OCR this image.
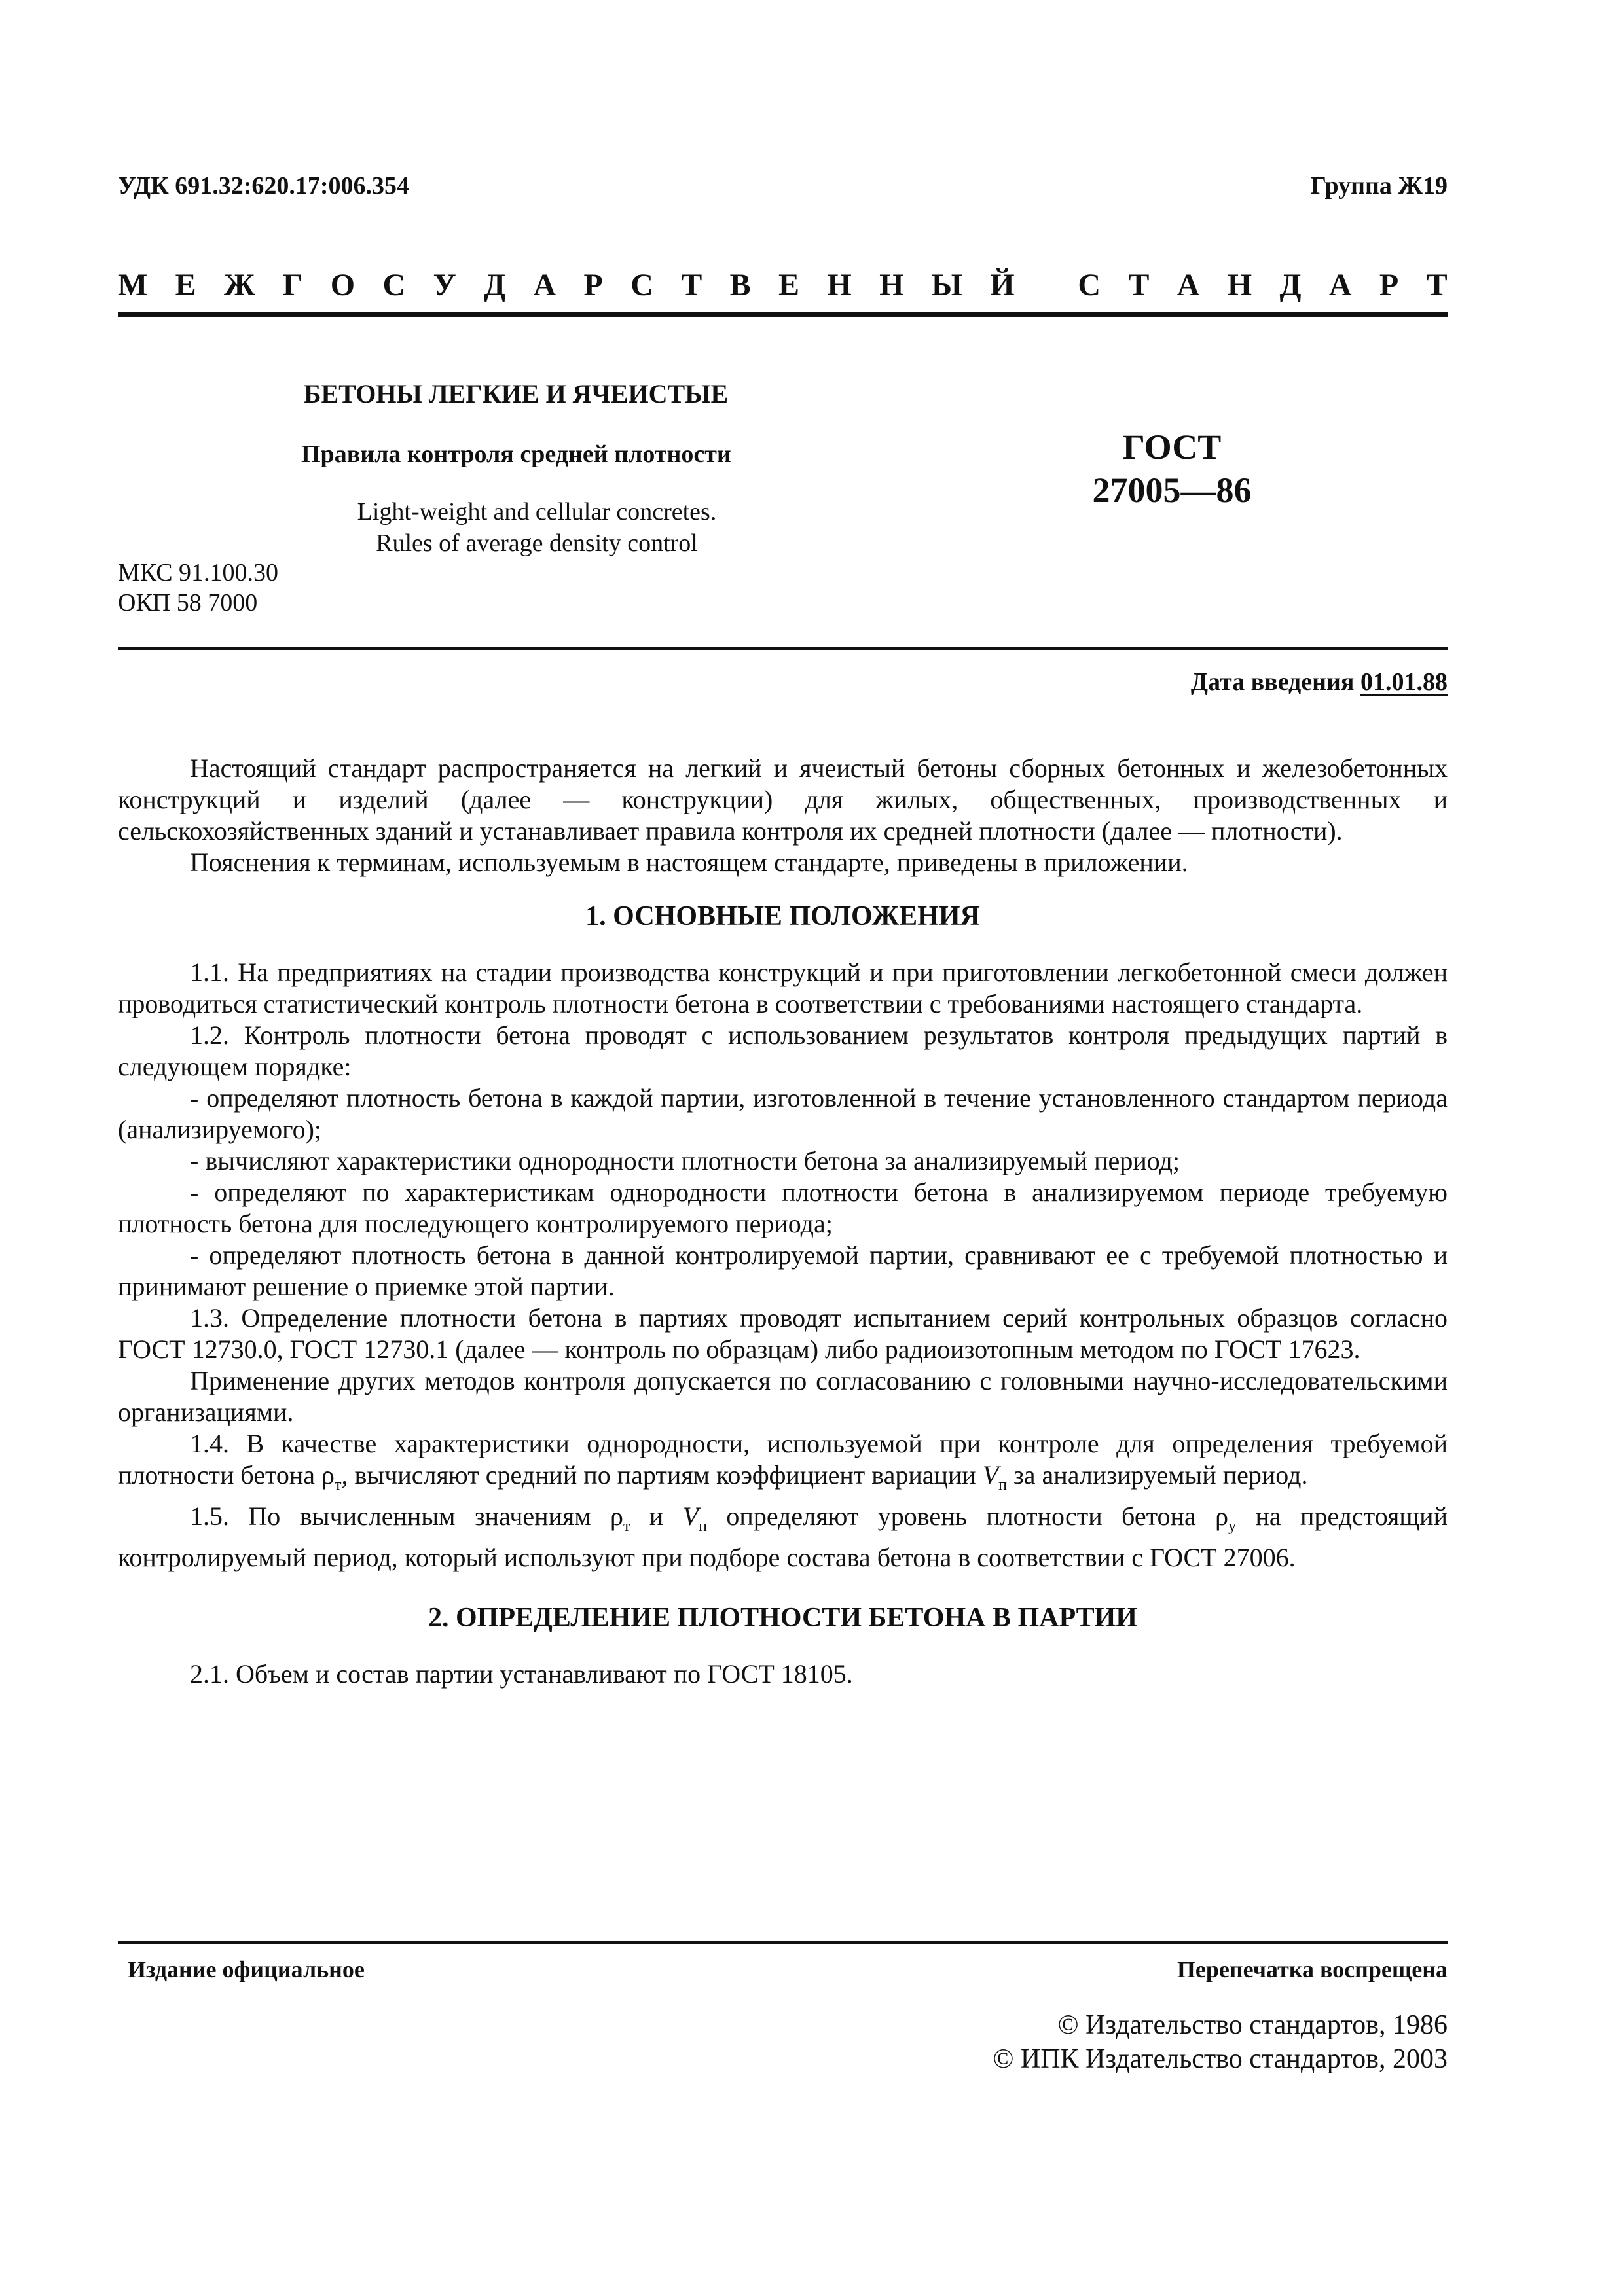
УДК 691.32:620.17:006.354	Группа Ж19
М Е Ж Г О С У Д А Р С Т В Е Н Н Ы Й
С Т А Н Д А Р Т
БЕТОНЫ ЛЕГКИЕ И ЯЧЕИСТЫЕ
Правила контроля средней плотности
Light-weight and cellular concretes.
Rules of average density control
ГОСТ
27005—86
МКС 91.100.30
ОКП 58 7000
Дата введения 01.01.88

Настоящий стандарт распространяется на легкий и ячеистый бетоны сборных бетонных и железобетонных конструкций и изделий (далее — конструкции) для жилых, общественных, производственных и сельскохозяйственных зданий и устанавливает правила контроля их средней плотности (далее — плотности).

Пояснения к терминам, используемым в настоящем стандарте, приведены в приложении.

1. ОСНОВНЫЕ ПОЛОЖЕНИЯ

1.1. На предприятиях на стадии производства конструкций и при приготовлении легкобетонной смеси должен проводиться статистический контроль плотности бетона в соответствии с требованиями настоящего стандарта.

1.2. Контроль плотности бетона проводят с использованием результатов контроля предыдущих партий в следующем порядке:

- определяют плотность бетона в каждой партии, изготовленной в течение установленного стандартом периода (анализируемого);

- вычисляют характеристики однородности плотности бетона за анализируемый период;

- определяют по характеристикам однородности плотности бетона в анализируемом периоде требуемую плотность бетона для последующего контролируемого периода;

- определяют плотность бетона в данной контролируемой партии, сравнивают ее с требуемой плотностью и принимают решение о приемке этой партии.

1.3. Определение плотности бетона в партиях проводят испытанием серий контрольных образцов согласно ГОСТ 12730.0, ГОСТ 12730.1 (далее — контроль по образцам) либо радиоизотопным методом по ГОСТ 17623.

Применение других методов контроля допускается по согласованию с головными научно-исследовательскими организациями.

1.4. В качестве характеристики однородности, используемой при контроле для определения требуемой плотности бетона $\rho_т$, вычисляют средний по партиям коэффициент вариации $V_п$ за анализируемый период.

1.5. По вычисленным значениям $\rho_т$ и $V_п$ определяют уровень плотности бетона $\rho_у$ на предстоящий контролируемый период, который используют при подборе состава бетона в соответствии с ГОСТ 27006.

2. ОПРЕДЕЛЕНИЕ ПЛОТНОСТИ БЕТОНА В ПАРТИИ

2.1. Объем и состав партии устанавливают по ГОСТ 18105.

Издание официальное	Перепечатка воспрещена
© Издательство стандартов, 1986
© ИПК Издательство стандартов, 2003
